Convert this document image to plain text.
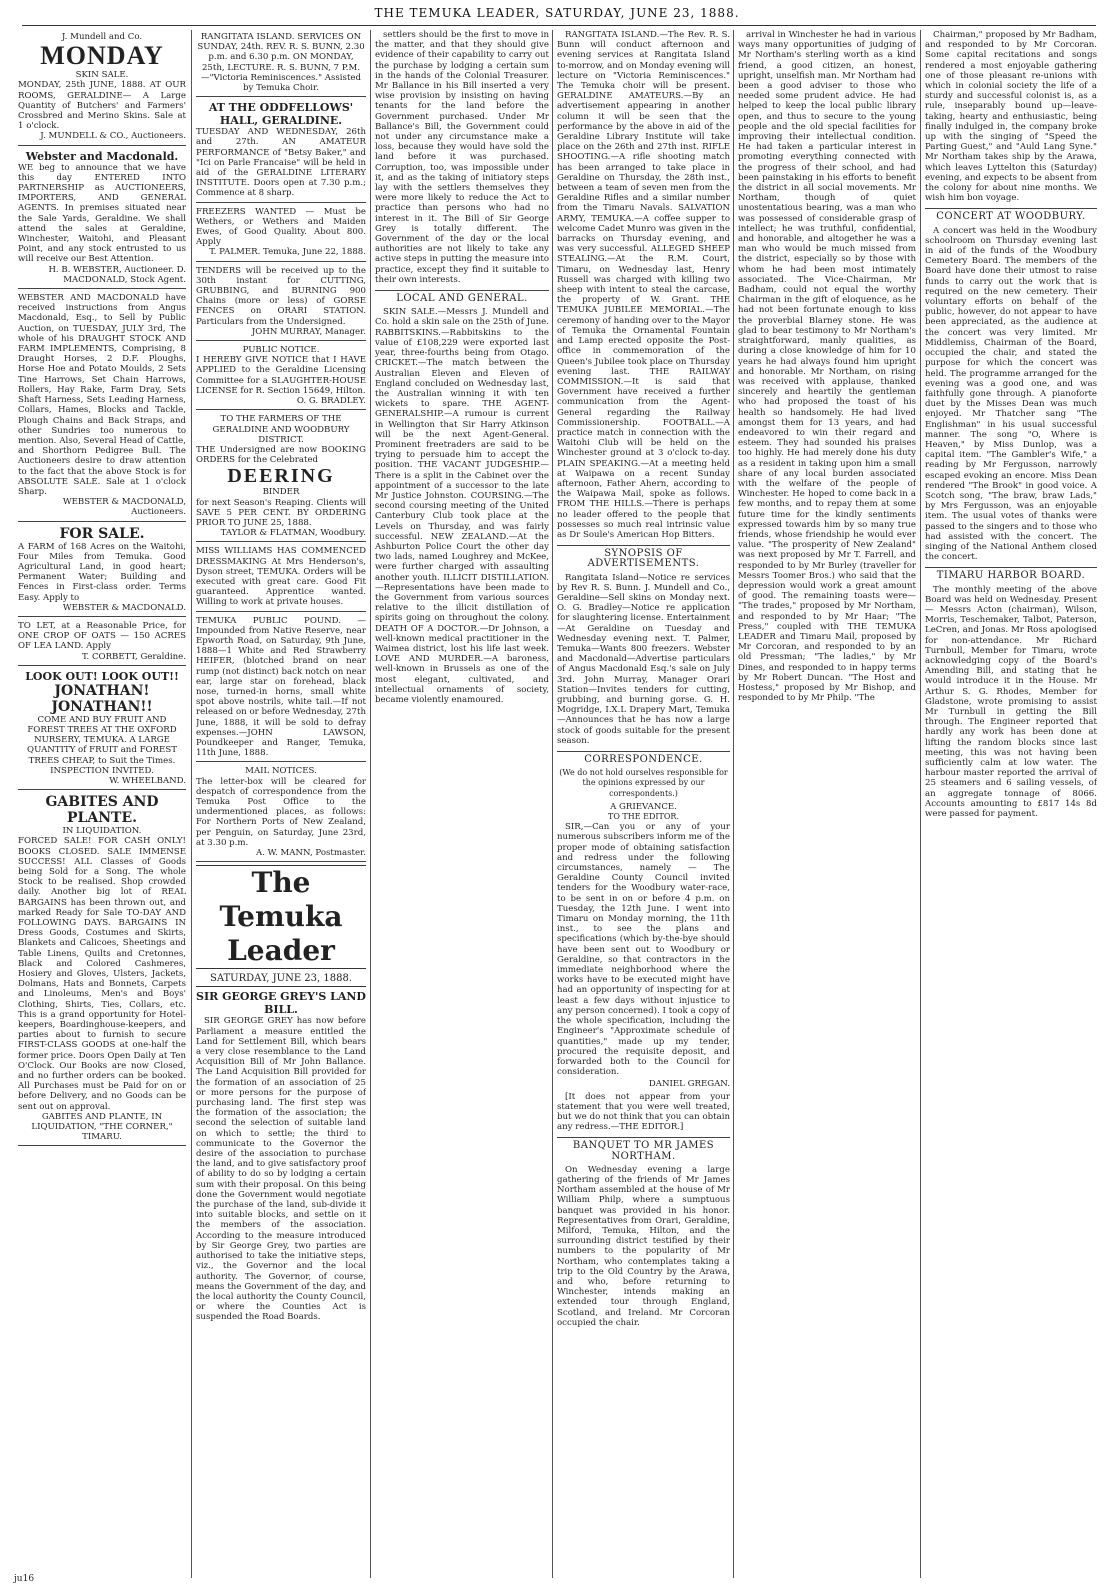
THE TEMUKA LEADER, SATURDAY, JUNE 23, 1888.
J. Mundell and Co.
MONDAY
SKIN SALE.

MONDAY, 25th JUNE, 1888. AT OUR ROOMS, GERALDINE— A Large Quantity of Butchers' and Farmers' Crossbred and Merino Skins. Sale at 1 o'clock.

J. MUNDELL & CO., Auctioneers.

Webster and Macdonald.

WE beg to announce that we have this day ENTERED INTO PARTNERSHIP as AUCTIONEERS, IMPORTERS, AND GENERAL AGENTS. In premises situated near the Sale Yards, Geraldine. We shall attend the sales at Geraldine, Winchester, Waitohi, and Pleasant Point, and any stock entrusted to us will receive our Best Attention.

H. B. WEBSTER, Auctioneer. D. MACDONALD, Stock Agent.

WEBSTER AND MACDONALD have received instructions from Angus Macdonald, Esq., to Sell by Public Auction, on TUESDAY, JULY 3rd, The whole of his DRAUGHT STOCK AND FARM IMPLEMENTS, Comprising, 8 Draught Horses, 2 D.F. Ploughs, Horse Hoe and Potato Moulds, 2 Sets Tine Harrows, Set Chain Harrows, Rollers, Hay Rake, Farm Dray, Sets Shaft Harness, Sets Leading Harness, Collars, Hames, Blocks and Tackle, Plough Chains and Back Straps, and other Sundries too numerous to mention. Also, Several Head of Cattle, and Shorthorn Pedigree Bull. The Auctioneers desire to draw attention to the fact that the above Stock is for ABSOLUTE SALE. Sale at 1 o'clock Sharp.

WEBSTER & MACDONALD, Auctioneers.

FOR SALE.

A FARM of 168 Acres on the Waitohi, Four Miles from Temuka. Good Agricultural Land, in good heart; Permanent Water; Building and Fences in First-class order. Terms Easy. Apply to

WEBSTER & MACDONALD.

TO LET, at a Reasonable Price, for ONE CROP OF OATS — 150 ACRES OF LEA LAND. Apply

T. CORBETT, Geraldine.

LOOK OUT! LOOK OUT!!
JONATHAN! JONATHAN!!

COME AND BUY FRUIT AND FOREST TREES AT THE OXFORD NURSERY, TEMUKA. A LARGE QUANTITY of FRUIT and FOREST TREES CHEAP, to Suit the Times. INSPECTION INVITED.

W. WHEELBAND.

GABITES AND PLANTE.
IN LIQUIDATION.

FORCED SALE! FOR CASH ONLY! BOOKS CLOSED. SALE IMMENSE SUCCESS! ALL Classes of Goods being Sold for a Song. The whole Stock to be realised. Shop crowded daily. Another big lot of REAL BARGAINS has been thrown out, and marked Ready for Sale TO-DAY AND FOLLOWING DAYS. BARGAINS IN Dress Goods, Costumes and Skirts, Blankets and Calicoes, Sheetings and Table Linens, Quilts and Cretonnes, Black and Colored Cashmeres, Hosiery and Gloves, Ulsters, Jackets, Dolmans, Hats and Bonnets, Carpets and Linoleums, Men's and Boys' Clothing, Shirts, Ties, Collars, etc. This is a grand opportunity for Hotel-keepers, Boardinghouse-keepers, and parties about to furnish to secure FIRST-CLASS GOODS at one-half the former price. Doors Open Daily at Ten O'Clock. Our Books are now Closed, and no further orders can be booked. All Purchases must be Paid for on or before Delivery, and no Goods can be sent out on approval.

GABITES AND PLANTE, IN LIQUIDATION, "THE CORNER," TIMARU.

RANGITATA ISLAND. SERVICES ON SUNDAY, 24th. REV. R. S. BUNN, 2.30 p.m. and 6.30 p.m. ON MONDAY, 25th, LECTURE. R. S. BUNN, 7 P.M.—"Victoria Reminiscences." Assisted by Temuka Choir.

AT THE ODDFELLOWS' HALL, GERALDINE.

TUESDAY AND WEDNESDAY, 26th and 27th. AN AMATEUR PERFORMANCE of "Betsy Baker," and "Ici on Parle Francaise" will be held in aid of the GERALDINE LITERARY INSTITUTE. Doors open at 7.30 p.m.; Commence at 8 sharp.

FREEZERS WANTED — Must be Wethers, or Wethers and Maiden Ewes, of Good Quality. About 800. Apply

T. PALMER. Temuka, June 22, 1888.

TENDERS will be received up to the 30th instant for CUTTING, GRUBBING, and BURNING 900 Chains (more or less) of GORSE FENCES on ORARI STATION. Particulars from the Undersigned.

JOHN MURRAY, Manager.

PUBLIC NOTICE.

I HEREBY GIVE NOTICE that I HAVE APPLIED to the Geraldine Licensing Committee for a SLAUGHTER-HOUSE LICENSE for R. Section 15649, Hilton.

O. G. BRADLEY.

TO THE FARMERS OF THE GERALDINE AND WOODBURY DISTRICT.

THE Undersigned are now BOOKING ORDERS for the Celebrated

DEERING
BINDER

for next Season's Reaping. Clients will SAVE 5 PER CENT. BY ORDERING PRIOR TO JUNE 25, 1888.

TAYLOR & FLATMAN, Woodbury.

MISS WILLIAMS HAS COMMENCED DRESSMAKING At Mrs Henderson's, Dyson street, TEMUKA. Orders will be executed with great care. Good Fit guaranteed. Apprentice wanted. Willing to work at private houses.

TEMUKA PUBLIC POUND. — Impounded from Native Reserve, near Epworth Road, on Saturday, 9th June, 1888—1 White and Red Strawberry HEIFER, (blotched brand on near rump (not distinct) back notch on near ear, large star on forehead, black nose, turned-in horns, small white spot above nostrils, white tail.—If not released on or before Wednesday, 27th June, 1888, it will be sold to defray expenses.—JOHN LAWSON, Poundkeeper and Ranger, Temuka, 11th June, 1888.

MAIL NOTICES.

The letter-box will be cleared for despatch of correspondence from the Temuka Post Office to the undermentioned places, as follows: For Northern Ports of New Zealand, per Penguin, on Saturday, June 23rd, at 3.30 p.m.

A. W. MANN, Postmaster.

The Temuka Leader
SATURDAY, JUNE 23, 1888.
SIR GEORGE GREY'S LAND BILL.

SIR GEORGE GREY has now before Parliament a measure entitled the Land for Settlement Bill, which bears a very close resemblance to the Land Acquisition Bill of Mr John Ballance. The Land Acquisition Bill provided for the formation of an association of 25 or more persons for the purpose of purchasing land. The first step was the formation of the association; the second the selection of suitable land on which to settle; the third to communicate to the Governor the desire of the association to purchase the land, and to give satisfactory proof of ability to do so by lodging a certain sum with their proposal. On this being done the Government would negotiate the purchase of the land, sub-divide it into suitable blocks, and settle on it the members of the association. According to the measure introduced by Sir George Grey, two parties are authorised to take the initiative steps, viz., the Governor and the local authority. The Governor, of course, means the Government of the day, and the local authority the County Council, or where the Counties Act is suspended the Road Boards.

settlers should be the first to move in the matter, and that they should give evidence of their capability to carry out the purchase by lodging a certain sum in the hands of the Colonial Treasurer. Mr Ballance in his Bill inserted a very wise provision by insisting on having tenants for the land before the Government purchased. Under Mr Ballance's Bill, the Government could not under any circumstance make a loss, because they would have sold the land before it was purchased. Corruption, too, was impossible under it, and as the taking of initiatory steps lay with the settlers themselves they were more likely to reduce the Act to practice than persons who had no interest in it. The Bill of Sir George Grey is totally different. The Government of the day or the local authorities are not likely to take any active steps in putting the measure into practice, except they find it suitable to their own interests.

LOCAL AND GENERAL.

SKIN SALE.—Messrs J. Mundell and Co. hold a skin sale on the 25th of June. RABBITSKINS.—Rabbitskins to the value of £108,229 were exported last year, three-fourths being from Otago. CRICKET.—The match between the Australian Eleven and Eleven of England concluded on Wednesday last, the Australian winning it with ten wickets to spare. THE AGENT-GENERALSHIP.—A rumour is current in Wellington that Sir Harry Atkinson will be the next Agent-General. Prominent freetraders are said to be trying to persuade him to accept the position. THE VACANT JUDGESHIP.—There is a split in the Cabinet over the appointment of a successor to the late Mr Justice Johnston. COURSING.—The second coursing meeting of the United Canterbury Club took place at the Levels on Thursday, and was fairly successful. NEW ZEALAND.—At the Ashburton Police Court the other day two lads, named Loughrey and McKee, were further charged with assaulting another youth. ILLICIT DISTILLATION.—Representations have been made to the Government from various sources relative to the illicit distillation of spirits going on throughout the colony. DEATH OF A DOCTOR.—Dr Johnson, a well-known medical practitioner in the Waimea district, lost his life last week. LOVE AND MURDER.—A baroness, well-known in Brussels as one of the most elegant, cultivated, and intellectual ornaments of society, became violently enamoured.

RANGITATA ISLAND.—The Rev. R. S. Bunn will conduct afternoon and evening services at Rangitata Island to-morrow, and on Monday evening will lecture on "Victoria Reminiscences." The Temuka choir will be present. GERALDINE AMATEURS.—By an advertisement appearing in another column it will be seen that the performance by the above in aid of the Geraldine Library Institute will take place on the 26th and 27th inst. RIFLE SHOOTING.—A rifle shooting match has been arranged to take place in Geraldine on Thursday, the 28th inst., between a team of seven men from the Geraldine Rifles and a similar number from the Timaru Navals. SALVATION ARMY, TEMUKA.—A coffee supper to welcome Cadet Munro was given in the barracks on Thursday evening, and was very successful. ALLEGED SHEEP STEALING.—At the R.M. Court, Timaru, on Wednesday last, Henry Russell was charged with killing two sheep with intent to steal the carcase, the property of W. Grant. THE TEMUKA JUBILEE MEMORIAL.—The ceremony of handing over to the Mayor of Temuka the Ornamental Fountain and Lamp erected opposite the Post-office in commemoration of the Queen's Jubilee took place on Thursday evening last. THE RAILWAY COMMISSION.—It is said that Government have received a further communication from the Agent-General regarding the Railway Commissionership. FOOTBALL.—A practice match in connection with the Waitohi Club will be held on the Winchester ground at 3 o'clock to-day. PLAIN SPEAKING.—At a meeting held at Waipawa on a recent Sunday afternoon, Father Ahern, according to the Waipawa Mail, spoke as follows. FROM THE HILLS.—There is perhaps no leader offered to the people that possesses so much real intrinsic value as Dr Soule's American Hop Bitters.

SYNOPSIS OF ADVERTISEMENTS.

Rangitata Island—Notice re services by Rev R. S. Bunn. J. Mundell and Co., Geraldine—Sell skins on Monday next. O. G. Bradley—Notice re application for slaughtering license. Entertainment—At Geraldine on Tuesday and Wednesday evening next. T. Palmer, Temuka—Wants 800 freezers. Webster and Macdonald—Advertise particulars of Angus Macdonald Esq.'s sale on July 3rd. John Murray, Manager Orari Station—Invites tenders for cutting, grubbing, and burning gorse. G. H. Mogridge, I.X.L Drapery Mart, Temuka—Announces that he has now a large stock of goods suitable for the present season.

CORRESPONDENCE.

(We do not hold ourselves responsible for the opinions expressed by our correspondents.)

A GRIEVANCE.
TO THE EDITOR.

SIR,—Can you or any of your numerous subscribers inform me of the proper mode of obtaining satisfaction and redress under the following circumstances, namely — The Geraldine County Council invited tenders for the Woodbury water-race, to be sent in on or before 4 p.m. on Tuesday, the 12th June. I went into Timaru on Monday morning, the 11th inst., to see the plans and specifications (which by-the-bye should have been sent out to Woodbury or Geraldine, so that contractors in the immediate neighborhood where the works have to be executed might have had an opportunity of inspecting for at least a few days without injustice to any person concerned). I took a copy of the whole specification, including the Engineer's "Approximate schedule of quantities," made up my tender, procured the requisite deposit, and forwarded both to the Council for consideration.

DANIEL GREGAN.

[It does not appear from your statement that you were well treated, but we do not think that you can obtain any redress.—THE EDITOR.]

BANQUET TO MR JAMES NORTHAM.

On Wednesday evening a large gathering of the friends of Mr James Northam assembled at the house of Mr William Philp, where a sumptuous banquet was provided in his honor. Representatives from Orari, Geraldine, Milford, Temuka, Hilton, and the surrounding district testified by their numbers to the popularity of Mr Northam, who contemplates taking a trip to the Old Country by the Arawa, and who, before returning to Winchester, intends making an extended tour through England, Scotland, and Ireland. Mr Corcoran occupied the chair.

arrival in Winchester he had in various ways many opportunities of judging of Mr Northam's sterling worth as a kind friend, a good citizen, an honest, upright, unselfish man. Mr Northam had been a good adviser to those who needed some prudent advice. He had helped to keep the local public library open, and thus to secure to the young people and the old special facilities for improving their intellectual condition. He had taken a particular interest in promoting everything connected with the progress of their school, and had been painstaking in his efforts to benefit the district in all social movements. Mr Northam, though of quiet unostentatious bearing, was a man who was possessed of considerable grasp of intellect; he was truthful, confidential, and honorable, and altogether he was a man who would be much missed from the district, especially so by those with whom he had been most intimately associated. The Vice-Chairman, Mr Badham, could not equal the worthy Chairman in the gift of eloquence, as he had not been fortunate enough to kiss the proverbial Blarney stone. He was glad to bear testimony to Mr Northam's straightforward, manly qualities, as during a close knowledge of him for 10 years he had always found him upright and honorable. Mr Northam, on rising was received with applause, thanked sincerely and heartily the gentleman who had proposed the toast of his health so handsomely. He had lived amongst them for 13 years, and had endeavored to win their regard and esteem. They had sounded his praises too highly. He had merely done his duty as a resident in taking upon him a small share of any local burden associated with the welfare of the people of Winchester. He hoped to come back in a few months, and to repay them at some future time for the kindly sentiments expressed towards him by so many true friends, whose friendship he would ever value. "The prosperity of New Zealand" was next proposed by Mr T. Farrell, and responded to by Mr Burley (traveller for Messrs Toomer Bros.) who said that the depression would work a great amount of good. The remaining toasts were— "The trades," proposed by Mr Northam, and responded to by Mr Haar; "The Press," coupled with THE TEMUKA LEADER and Timaru Mail, proposed by Mr Corcoran, and responded to by an old Pressman; "The ladies," by Mr Dines, and responded to in happy terms by Mr Robert Duncan. "The Host and Hostess," proposed by Mr Bishop, and responded to by Mr Philp. "The

Chairman," proposed by Mr Badham, and responded to by Mr Corcoran. Some capital recitations and songs rendered a most enjoyable gathering one of those pleasant re-unions with which in colonial society the life of a sturdy and successful colonist is, as a rule, inseparably bound up—leave-taking, hearty and enthusiastic, being finally indulged in, the company broke up with the singing of "Speed the Parting Guest," and "Auld Lang Syne." Mr Northam takes ship by the Arawa, which leaves Lyttelton this (Saturday) evening, and expects to be absent from the colony for about nine months. We wish him bon voyage.

CONCERT AT WOODBURY.

A concert was held in the Woodbury schoolroom on Thursday evening last in aid of the funds of the Woodbury Cemetery Board. The members of the Board have done their utmost to raise funds to carry out the work that is required on the new cemetery. Their voluntary efforts on behalf of the public, however, do not appear to have been appreciated, as the audience at the concert was very limited. Mr Middlemiss, Chairman of the Board, occupied the chair, and stated the purpose for which the concert was held. The programme arranged for the evening was a good one, and was faithfully gone through. A pianoforte duet by the Misses Dean was much enjoyed. Mr Thatcher sang "The Englishman" in his usual successful manner. The song "O, Where is Heaven," by Miss Dunlop, was a capital item. "The Gambler's Wife," a reading by Mr Fergusson, narrowly escaped evoking an encore. Miss Dean rendered "The Brook" in good voice. A Scotch song, "The braw, braw Lads," by Mrs Fergusson, was an enjoyable item. The usual votes of thanks were passed to the singers and to those who had assisted with the concert. The singing of the National Anthem closed the concert.

TIMARU HARBOR BOARD.

The monthly meeting of the above Board was held on Wednesday. Present — Messrs Acton (chairman), Wilson, Morris, Teschemaker, Talbot, Paterson, LeCren, and Jonas. Mr Ross apologised for non-attendance. Mr Richard Turnbull, Member for Timaru, wrote acknowledging copy of the Board's Amending Bill, and stating that he would introduce it in the House. Mr Arthur S. G. Rhodes, Member for Gladstone, wrote promising to assist Mr Turnbull in getting the Bill through. The Engineer reported that hardly any work has been done at lifting the random blocks since last meeting, this was not having been sufficiently calm at low water. The harbour master reported the arrival of 25 steamers and 6 sailing vessels, of an aggregate tonnage of 8066. Accounts amounting to £817 14s 8d were passed for payment.

ju16
